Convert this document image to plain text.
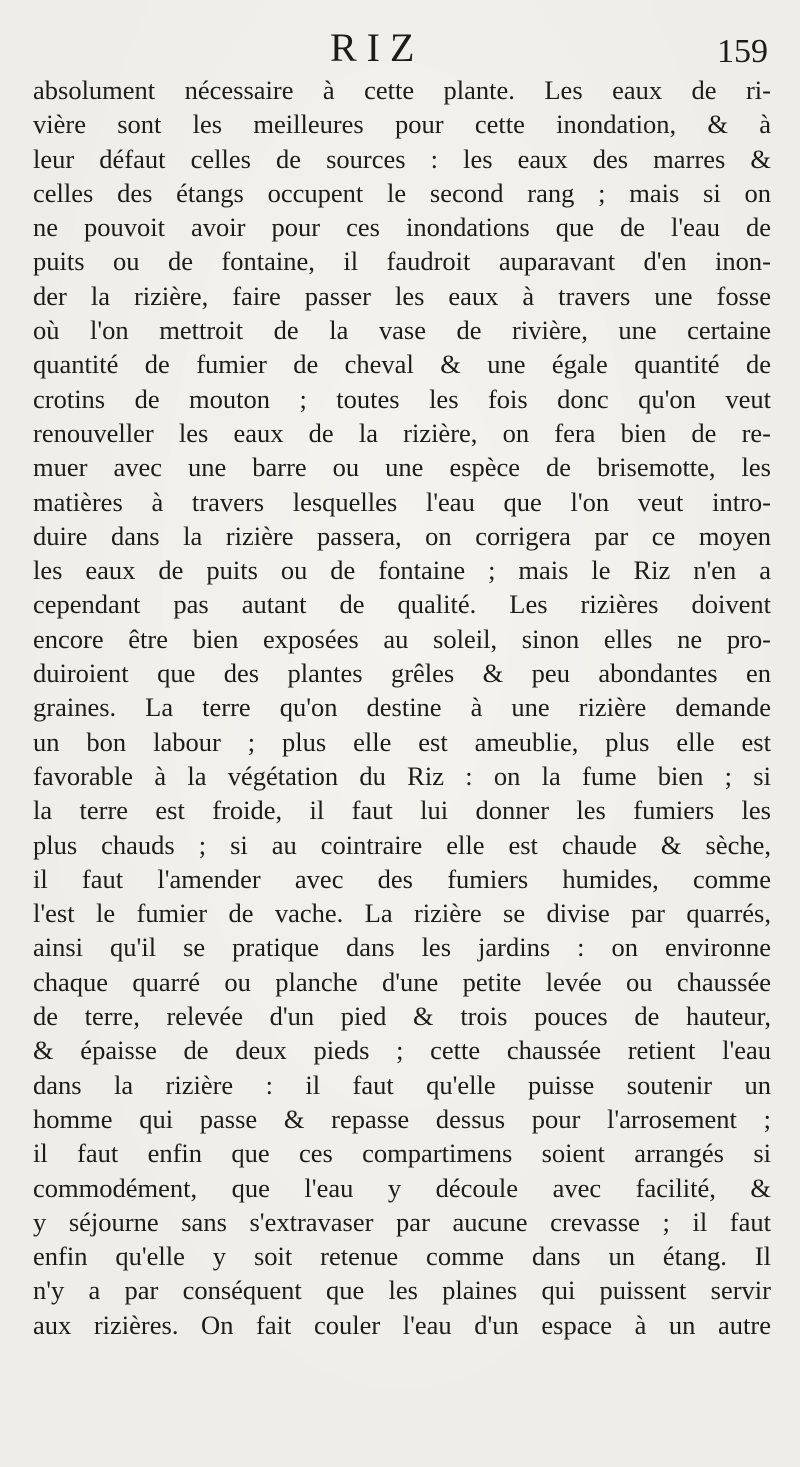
RIZ	159
absolument nécessaire à cette plante. Les eaux de ri-
vière sont les meilleures pour cette inondation, & à
leur défaut celles de sources : les eaux des marres &
celles des étangs occupent le second rang ; mais si on
ne pouvoit avoir pour ces inondations que de l'eau de
puits ou de fontaine, il faudroit auparavant d'en inon-
der la rizière, faire passer les eaux à travers une fosse
où l'on mettroit de la vase de rivière, une certaine
quantité de fumier de cheval & une égale quantité de
crotins de mouton ; toutes les fois donc qu'on veut
renouveller les eaux de la rizière, on fera bien de re-
muer avec une barre ou une espèce de brisemotte, les
matières à travers lesquelles l'eau que l'on veut intro-
duire dans la rizière passera, on corrigera par ce moyen
les eaux de puits ou de fontaine ; mais le Riz n'en a
cependant pas autant de qualité. Les rizières doivent
encore être bien exposées au soleil, sinon elles ne pro-
duiroient que des plantes grêles & peu abondantes en
graines. La terre qu'on destine à une rizière demande
un bon labour ; plus elle est ameublie, plus elle est
favorable à la végétation du Riz : on la fume bien ; si
la terre est froide, il faut lui donner les fumiers les
plus chauds ; si au cointraire elle est chaude & sèche,
il faut l'amender avec des fumiers humides, comme
l'est le fumier de vache. La rizière se divise par quarrés,
ainsi qu'il se pratique dans les jardins : on environne
chaque quarré ou planche d'une petite levée ou chaussée
de terre, relevée d'un pied & trois pouces de hauteur,
& épaisse de deux pieds ; cette chaussée retient l'eau
dans la rizière : il faut qu'elle puisse soutenir un
homme qui passe & repasse dessus pour l'arrosement ;
il faut enfin que ces compartimens soient arrangés si
commodément, que l'eau y découle avec facilité, &
y séjourne sans s'extravaser par aucune crevasse ; il faut
enfin qu'elle y soit retenue comme dans un étang. Il
n'y a par conséquent que les plaines qui puissent servir
aux rizières. On fait couler l'eau d'un espace à un autre
